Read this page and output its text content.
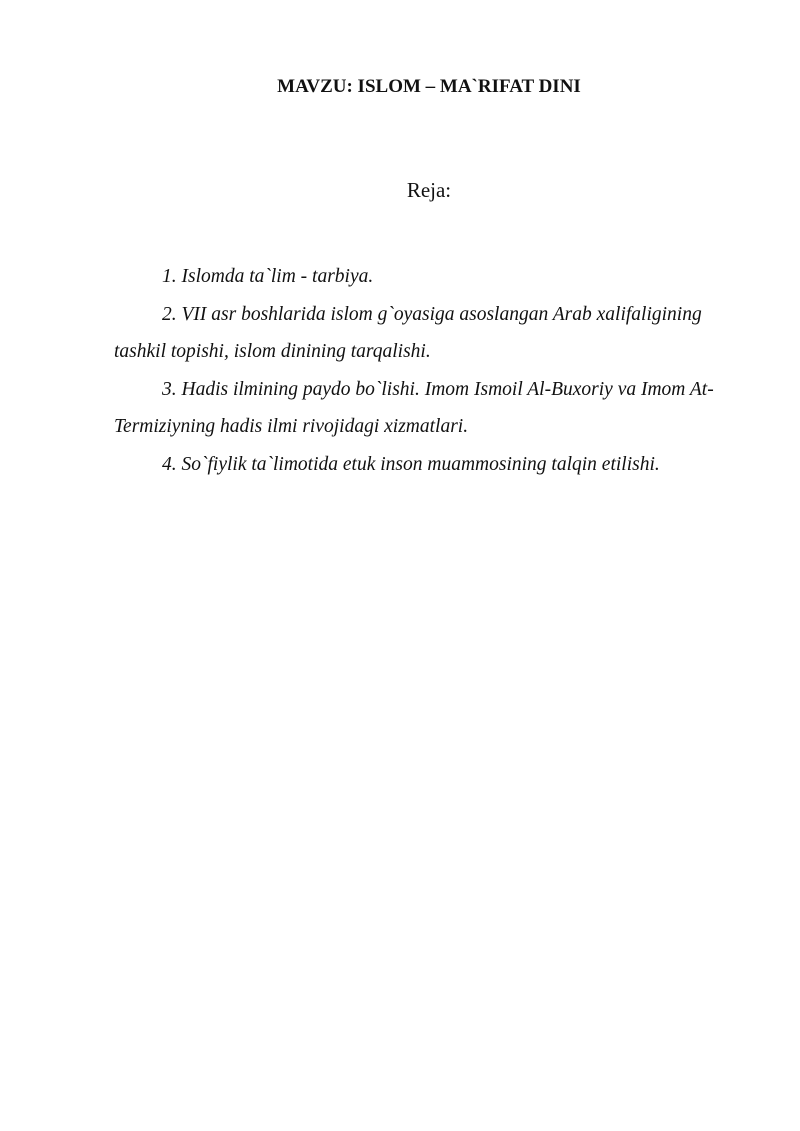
MAVZU: ISLOM – MA`RIFAT DINI
Reja:

1. Islomda ta`lim - tarbiya.

2. VII asr boshlarida islom g`oyasiga asoslangan Arab xalifaligining tashkil topishi, islom dinining tarqalishi.

3. Hadis ilmining paydo bo`lishi. Imom Ismoil Al-Buxoriy va Imom At-Termiziyning hadis ilmi rivojidagi xizmatlari.

4. So`fiylik ta`limotida etuk inson muammosining talqin etilishi.
